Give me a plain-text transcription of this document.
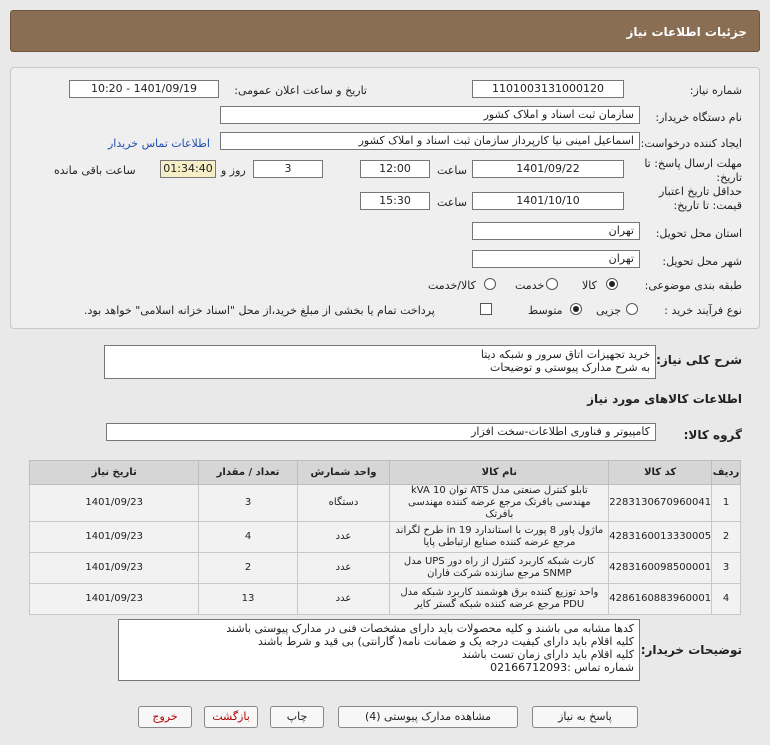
جزئیات اطلاعات نیاز
شماره نیاز:
1101003131000120
تاریخ و ساعت اعلان عمومی:
1401/09/19 - 10:20
نام دستگاه خریدار:
سازمان ثبت اسناد و املاک کشور
ایجاد کننده درخواست:
اسماعیل امینی نیا کارپرداز سازمان ثبت اسناد و املاک کشور
اطلاعات تماس خریدار
مهلت ارسال پاسخ: تا تاریخ:
1401/09/22
ساعت
12:00
3
روز و
01:34:40
ساعت باقی مانده
حداقل تاریخ اعتبار قیمت: تا تاریخ:
1401/10/10
ساعت
15:30
استان محل تحویل:
تهران
شهر محل تحویل:
تهران
طبقه بندی موضوعی:
کالا
خدمت
کالا/خدمت
نوع فرآیند خرید :
جزیی
متوسط
پرداخت تمام یا بخشی از مبلغ خرید،از محل "اسناد خزانه اسلامی" خواهد بود.
شرح کلی نیاز:
خرید تجهیزات اتاق سرور و شبکه دیتا
به شرح مدارک پیوستی و توضیحات
اطلاعات کالاهای مورد نیاز
گروه کالا:
کامپیوتر و فناوری اطلاعات-سخت افزار
ردیف	کد کالا	نام کالا	واحد شمارش	تعداد / مقدار	تاریخ نیاز
1	2283130670960041	تابلو کنترل صنعتی مدل ATS توان 10 kVA مهندسی بافرتک مرجع عرضه کننده مهندسی بافرتک	دستگاه	3	1401/09/23
2	4283160013330005	ماژول پاور 8 پورت با استاندارد 19 in طرح لگراند مرجع عرضه کننده صنایع ارتباطی پایا	عدد	4	1401/09/23
3	4283160098500001	کارت شبکه کاربرد کنترل از راه دور UPS مدل SNMP مرجع سازنده شرکت فاران	عدد	2	1401/09/23
4	4286160883960001	واحد توزیع کننده برق هوشمند کاربرد شبکه مدل PDU مرجع عرضه کننده شبکه گستر کایر	عدد	13	1401/09/23
توضیحات خریدار:
کدها مشابه می باشند و کلیه محصولات باید دارای مشخصات فنی در مدارک پیوستی باشند
کلیه اقلام باید دارای کیفیت درجه یک و ضمانت نامه( گارانتی) بی قید و شرط باشند
کلیه اقلام باید دارای زمان تست باشند
شماره تماس :02166712093
پاسخ به نیاز
مشاهده مدارک پیوستی (4)
چاپ
بازگشت
خروج
